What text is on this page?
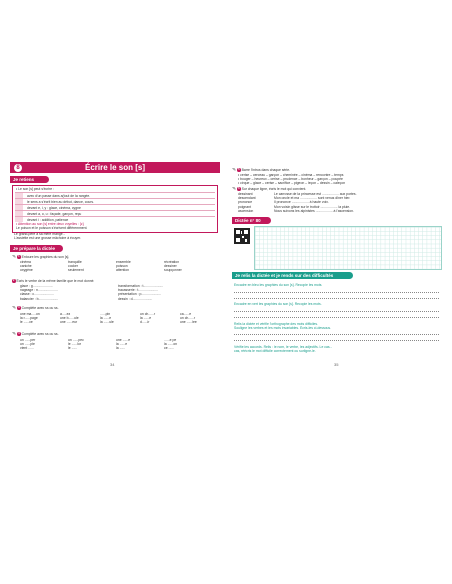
8	Écrire le son [s]
Je retiens
• Le son [s] peut s'écrire :
avec d'un passe dans a(tout de Ia rangée.
le sens a s'écrit bien au début, dance, cours.
devant e, i, y : glace, cinéma, cygne
devant a, o, u : façade, garçon, reçu
devant i : addition, patience
• Attention au son [s] entre deux voyelles : [z].
Le poison et le poisson s'écrivent différemment.
Le grand-père a sa mère mangé...
L'assiette est une grosse mâchoire à écuyer.
Je prépare la dictée
✎ 1 Entoure les graphies du son [s].
cinéma	tranquille	ensemble	récréation
caniche	cocker	poisson	dessiner
oxygène	seulement	attention	soupçonner
2 Écris le verbe de la même famille que le mot donné.
glace : g.....................
nageage : n.....................
classe : c.....................
balancier : b.....................
transformation : t.....................
tracasserie : t.....................
présentation : p.....................
dessin : d.....................
✎ 3 Complète avec ss ou ss.
une ma.....on	a.....ez	......pin	un ch......r	ca......e
la r......page	une b......ule	la ......e	la ......e	un ch......r
le ......ce	une ......eur	la ......ule	d......ir	une ......lee
✎ 4 Complète avec ss ou ss.
un ......per	un ......pec	une ......e	......e pe
un ......ple	le ......lor	la ......e	la ......on
vient ......	le ......	la ......	ce ......
34
✎ 5 Barre l'intrus dans chaque série.
• cerise – cerceau – garçon – cheminée – cinéma – rencontre – temps
• bouger – heureux – cerise – prudence – bonheur – garçon – poupée
• cirque – glace – cerise – sacrifice – pigeon – leçon – dessin – caleçon
✎ 6 Sur chaque ligne, écris le mot qui convient.
dessinant	Le carrosse de la princesse est .................. aux portes.
descendant	Mon oncle et ma .................. sont venus dîner hier.
prononce	Il prononce .................. à haute voix.
poignant	Mon voisin glisse sur le trottoir .................. la pluie.
ascension	Nous suivons les alpinistes .................. à l'ascension.
Dictée n° 80
Je relis la dictée et je rends sur des difficultés
Encadre en bleu les graphies du son [s]. Recopie les mots.
Encadre en vert les graphies du son [s]. Recopie les mots.
Relis la dictée et vérifie l'orthographe des mots difficiles.
Souligne les verbes et les mots invariables. Écris-les ci-dessous.
Vérifie les accords. Relis : le nom, le verbe, les adjectifs. Le cas...
cas, réécris le mot difficile correctement ou surligne-le.
35
